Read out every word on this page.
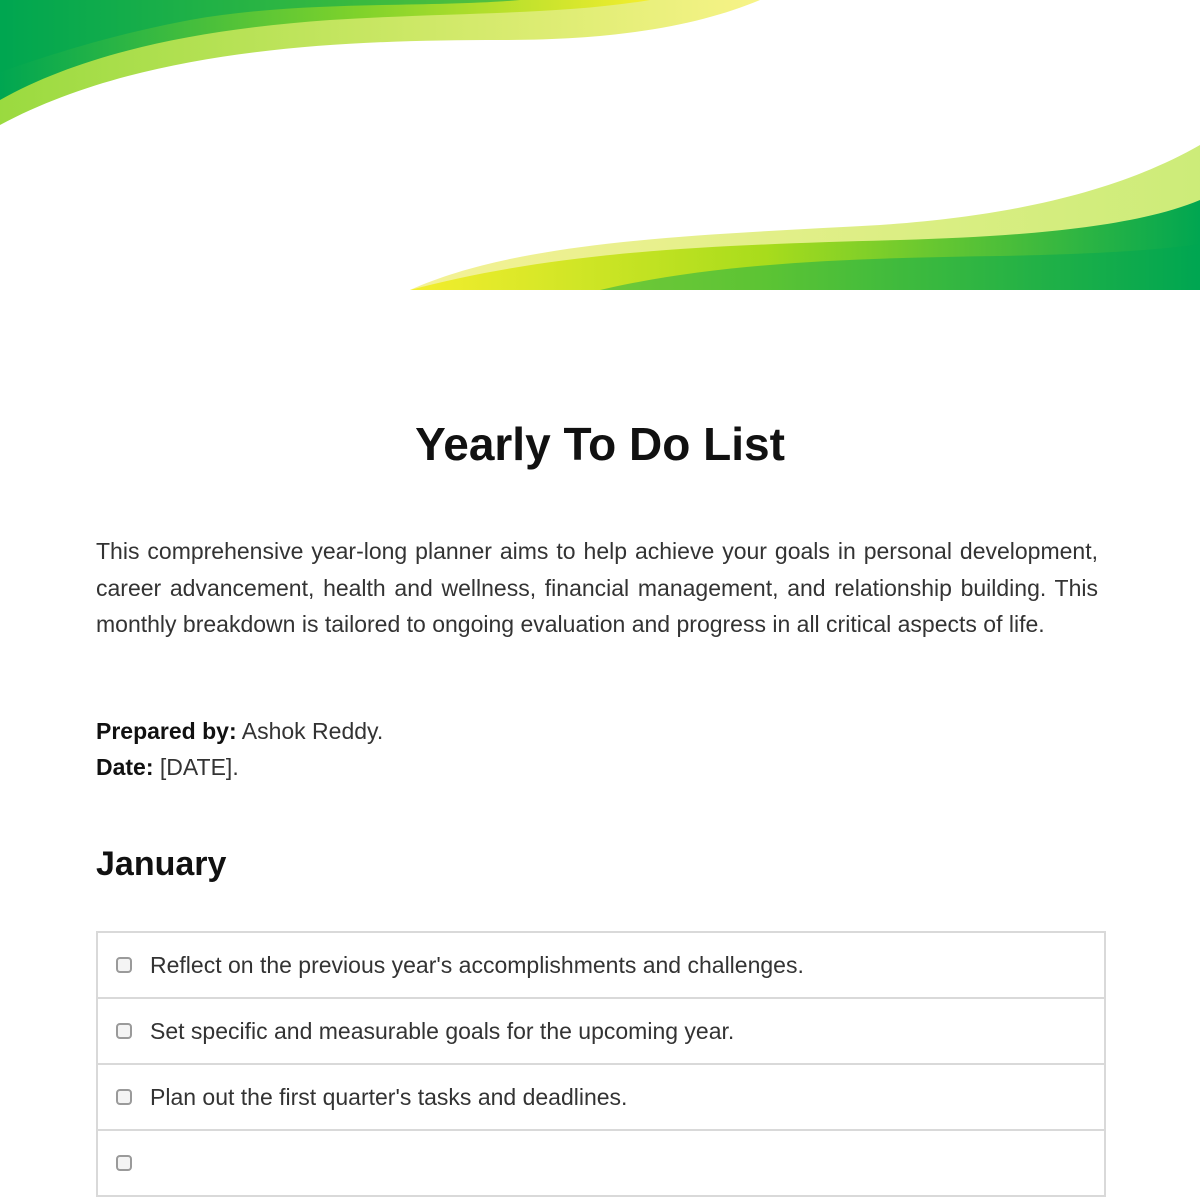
Yearly To Do List

This comprehensive year-long planner aims to help achieve your goals in personal development, career advancement, health and wellness, financial management, and relationship building. This monthly breakdown is tailored to ongoing evaluation and progress in all critical aspects of life.

Prepared by: Ashok Reddy.
Date: [DATE].
January
Reflect on the previous year's accomplishments and challenges.
Set specific and measurable goals for the upcoming year.
Plan out the first quarter's tasks and deadlines.
